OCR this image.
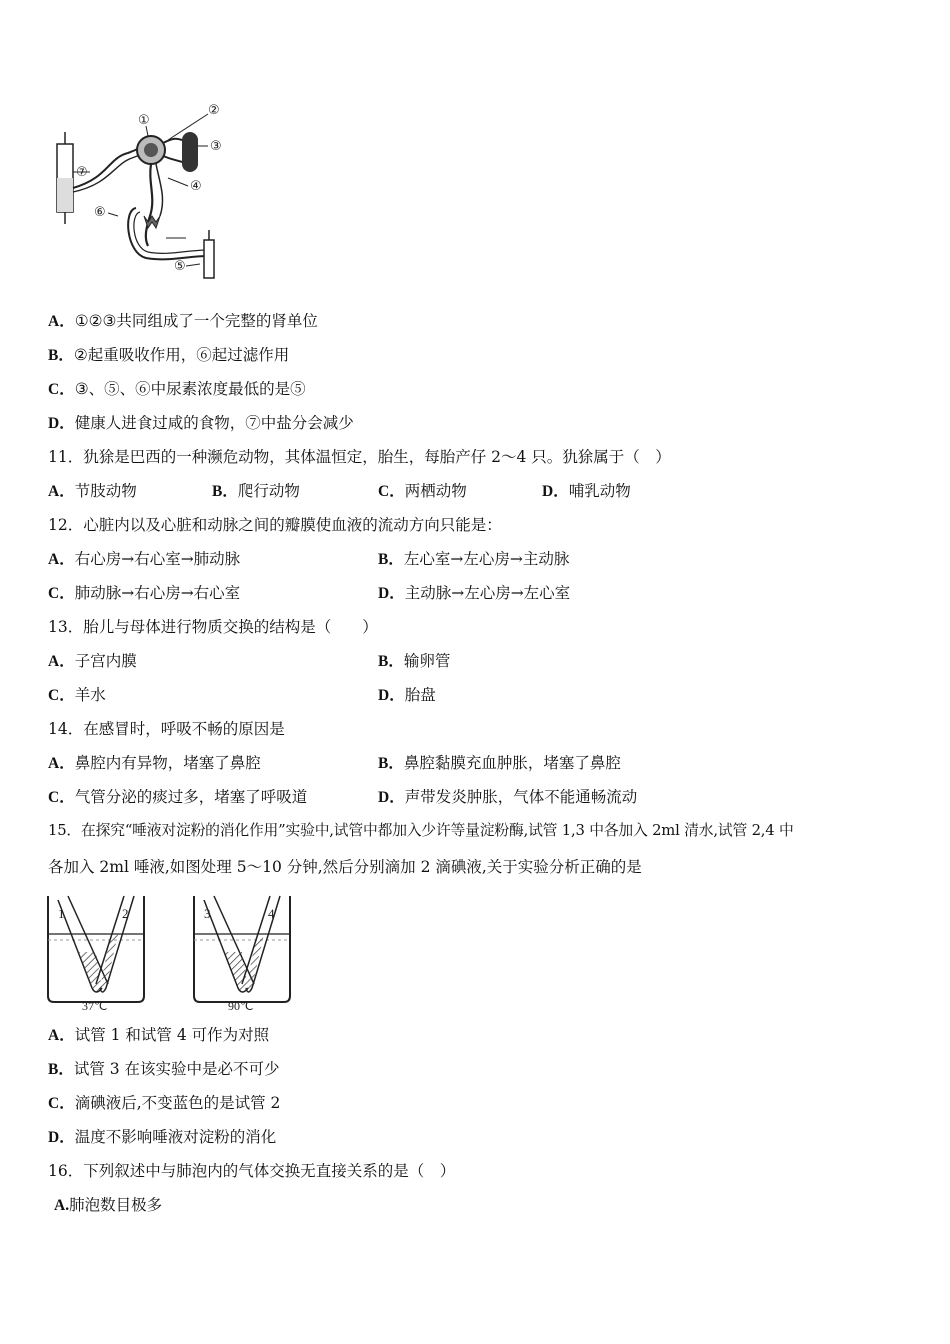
①
②
③
④
⑤
⑥
⑦
A．①②③共同组成了一个完整的肾单位
B．②起重吸收作用，⑥起过滤作用
C．③、⑤、⑥中尿素浓度最低的是⑤
D．健康人进食过咸的食物，⑦中盐分会减少
11．犰狳是巴西的一种濒危动物，其体温恒定，胎生，每胎产仔 2～4 只。犰狳属于（　）
A．节肢动物	B．爬行动物	C．两栖动物	D．哺乳动物
12．心脏内以及心脏和动脉之间的瓣膜使血液的流动方向只能是：
A．右心房→右心室→肺动脉	B．左心室→左心房→主动脉
C．肺动脉→右心房→右心室	D．主动脉→左心房→左心室
13．胎儿与母体进行物质交换的结构是（　　）
A．子宫内膜	B．输卵管
C．羊水	D．胎盘
14．在感冒时，呼吸不畅的原因是
A．鼻腔内有异物，堵塞了鼻腔	B．鼻腔黏膜充血肿胀，堵塞了鼻腔
C．气管分泌的痰过多，堵塞了呼吸道	D．声带发炎肿胀，气体不能通畅流动
15．在探究“唾液对淀粉的消化作用”实验中,试管中都加入少许等量淀粉酶,试管 1,3 中各加入 2ml 清水,试管 2,4 中
各加入 2ml 唾液,如图处理 5～10 分钟,然后分别滴加 2 滴碘液,关于实验分析正确的是
1	2
37℃
3	4
90℃
A．试管 1 和试管 4 可作为对照
B．试管 3 在该实验中是必不可少
C．滴碘液后,不变蓝色的是试管 2
D．温度不影响唾液对淀粉的消化
16．下列叙述中与肺泡内的气体交换无直接关系的是（　）
A.肺泡数目极多
